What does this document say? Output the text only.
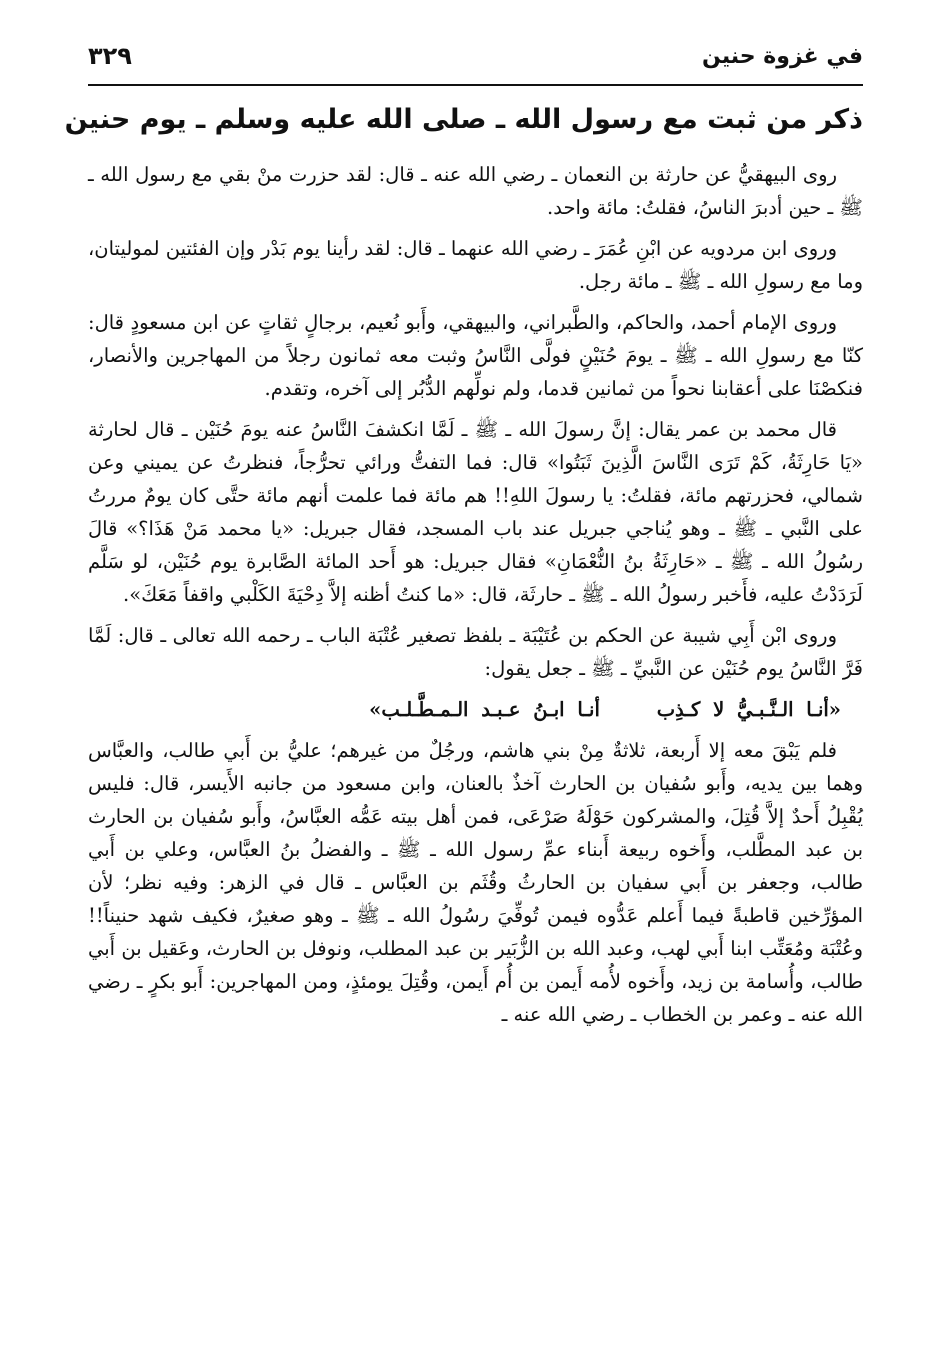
في غزوة حنين
٣٢٩
ذكر من ثبت مع رسول الله ـ صلى الله عليه وسلم ـ يوم حنين

روى البيهقيُّ عن حارثة بن النعمان ـ رضي الله عنه ـ قال: لقد حزرت منْ بقي مع رسول الله ـ ﷺ ـ حين أدبرَ الناسُ، فقلتُ: مائة واحد.

وروى ابن مردويه عن ابْنِ عُمَرَ ـ رضي الله عنهما ـ قال: لقد رأينا يوم بَدْر وإن الفئتين لموليتان، وما مع رسولِ الله ـ ﷺ ـ مائة رجل.

وروى الإمام أحمد، والحاكم، والطَّبراني، والبيهقي، وأَبو نُعيم، برجالٍ ثقاتٍ عن ابن مسعودٍ قال: كنّا مع رسولِ الله ـ ﷺ ـ يومَ حُنَيْنٍ فولَّى النَّاسُ وثبت معه ثمانون رجلاً من المهاجرين والأنصار، فنكصْنَا على أعقابنا نحواً من ثمانين قدما، ولم نولِّهم الدُّبُر إلى آخره، وتقدم.

قال محمد بن عمر يقال: إنَّ رسولَ الله ـ ﷺ ـ لَمَّا انكشفَ النَّاسُ عنه يومَ حُنَيْن ـ قال لحارثة «يَا حَارِثَةُ، كَمْ تَرَى النَّاسَ الَّذِينَ ثَبَتُوا» قال: فما التفتُّ ورائي تحرُّجاً، فنظرتُ عن يميني وعن شمالي، فحزرتهم مائة، فقلتُ: يا رسولَ اللهِ!! هم مائة فما علمت أنهم مائة حتَّى كان يومٌ مررتُ على النَّبي ـ ﷺ ـ وهو يُناجي جبريل عند باب المسجد، فقال جبريل: «يا محمد مَنْ هَذَا؟» قالَ رسُولُ الله ـ ﷺ ـ «حَارِثَةُ بنُ النُّعْمَانِ» فقال جبريل: هو أَحد المائة الصَّابرة يوم حُنَيْن، لو سَلَّم لَرَدَدْتُ عليه، فأَخبر رسولُ الله ـ ﷺ ـ حارثَة، قال: «ما كنتُ أظنه إلاَّ دِحْيَةَ الكَلْبي واقفاً مَعَكَ».

وروى ابْن أَبِي شيبة عن الحكم بن عُتَيْبَة ـ بلفظ تصغير عُتْبَة الباب ـ رحمه الله تعالى ـ قال: لَمَّا فَرَّ النَّاسُ يوم حُنَيْن عن النَّبيِّ ـ ﷺ ـ جعل يقول:

«أنـا الـنَّـبـيُّ لا كـذِب أنـا ابـنُ عـبـد الـمـطَّـلـب»

فلم يَبْقَ معه إلا أَربعة، ثلاثةٌ مِنْ بني هاشم، ورجُلٌ من غيرهم؛ عليُّ بن أَبي طالب، والعبَّاس وهما بين يديه، وأَبو سُفيان بن الحارث آخذٌ بالعنان، وابن مسعود من جانبه الأَيسر، قال: فليس يُقْبِلُ أَحدٌ إلاَّ قُتِلَ، والمشركون حَوْلَهُ صَرْعَى، فمن أهل بيته عَمُّه العبَّاسُ، وأَبو سُفيان بن الحارث بن عبد المطَّلب، وأَخوه ربيعة أَبناء عمِّ رسول الله ـ ﷺ ـ والفضلُ بنُ العبَّاس، وعلي بن أَبي طالب، وجعفر بن أَبي سفيان بن الحارثُ وقُثَم بن العبَّاس ـ قال في الزهر: وفيه نظر؛ لأن المؤرِّخين قاطبةً فيما أَعلم عَدُّوه فيمن تُوفِّيَ رسُولُ الله ـ ﷺ ـ وهو صغيرٌ، فكيف شهد حنيناً!! وعُتْبَة ومُعَتِّب ابنا أَبي لهب، وعبد الله بن الزُّبَير بن عبد المطلب، ونوفل بن الحارث، وعَقيل بن أَبي طالب، وأُسامة بن زيد، وأَخوه لأُمه أَيمن بن أُم أَيمن، وقُتِلَ يومئذٍ، ومن المهاجرين: أَبو بكرٍ ـ رضي الله عنه ـ وعمر بن الخطاب ـ رضي الله عنه ـ
